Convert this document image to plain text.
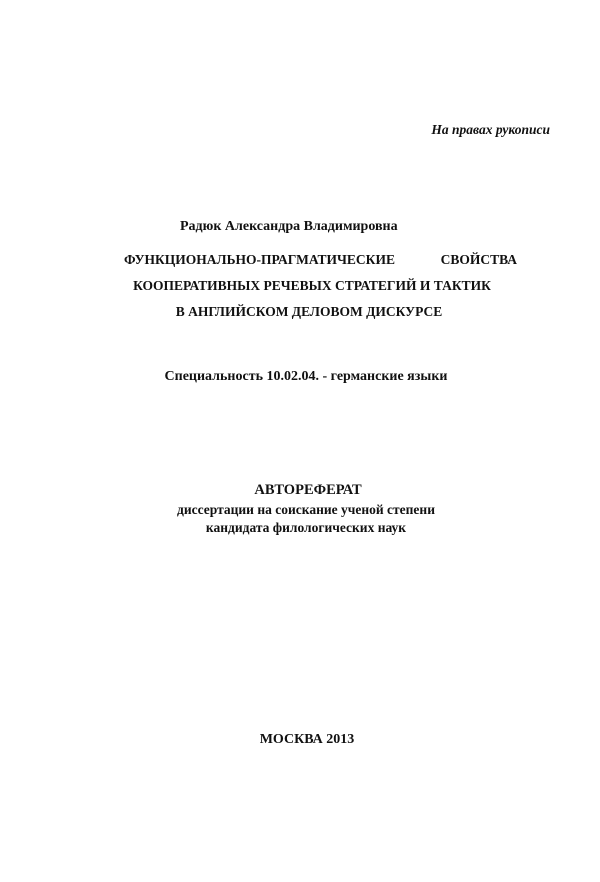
На правах рукописи
Радюк Александра Владимировна
ФУНКЦИОНАЛЬНО-ПРАГМАТИЧЕСКИЕ	СВОЙСТВА
КООПЕРАТИВНЫХ РЕЧЕВЫХ СТРАТЕГИЙ И ТАКТИК
В АНГЛИЙСКОМ ДЕЛОВОМ ДИСКУРСЕ
Специальность 10.02.04. - германские языки
АВТОРЕФЕРАТ
диссертации на соискание ученой степени
кандидата филологических наук
МОСКВА 2013
